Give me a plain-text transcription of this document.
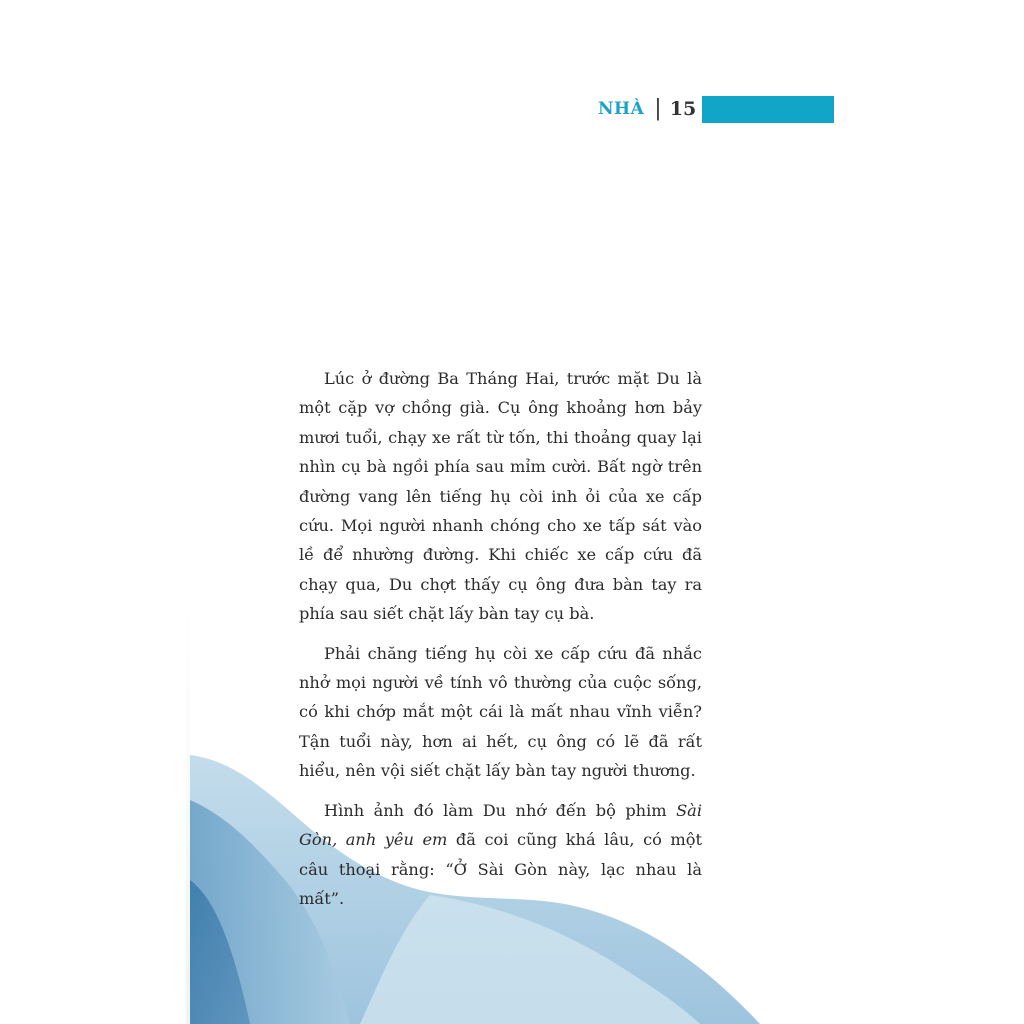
NHÀ | 15

Lúc ở đường Ba Tháng Hai, trước mặt Du là một cặp vợ chồng già. Cụ ông khoảng hơn bảy mươi tuổi, chạy xe rất từ tốn, thi thoảng quay lại nhìn cụ bà ngồi phía sau mỉm cười. Bất ngờ trên đường vang lên tiếng hụ còi inh ỏi của xe cấp cứu. Mọi người nhanh chóng cho xe tấp sát vào lề để nhường đường. Khi chiếc xe cấp cứu đã chạy qua, Du chợt thấy cụ ông đưa bàn tay ra phía sau siết chặt lấy bàn tay cụ bà.

Phải chăng tiếng hụ còi xe cấp cứu đã nhắc nhở mọi người về tính vô thường của cuộc sống, có khi chớp mắt một cái là mất nhau vĩnh viễn? Tận tuổi này, hơn ai hết, cụ ông có lẽ đã rất hiểu, nên vội siết chặt lấy bàn tay người thương.

Hình ảnh đó làm Du nhớ đến bộ phim Sài Gòn, anh yêu em đã coi cũng khá lâu, có một câu thoại rằng: “Ở Sài Gòn này, lạc nhau là mất”.
